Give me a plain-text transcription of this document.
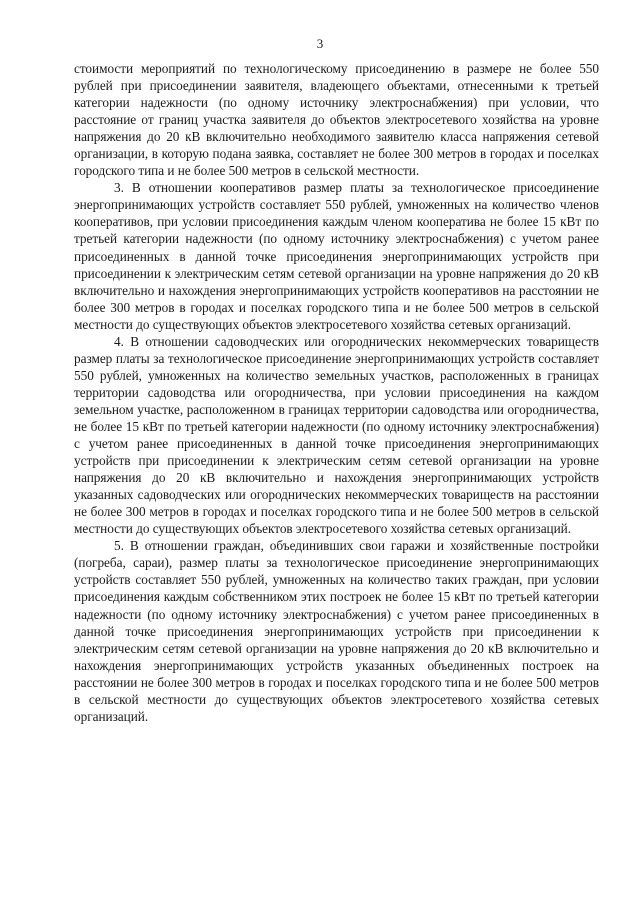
3

стоимости мероприятий по технологическому присоединению в размере не более 550 рублей при присоединении заявителя, владеющего объектами, отнесенными к третьей категории надежности (по одному источнику электроснабжения) при условии, что расстояние от границ участка заявителя до объектов электросетевого хозяйства на уровне напряжения до 20 кВ включительно необходимого заявителю класса напряжения сетевой организации, в которую подана заявка, составляет не более 300 метров в городах и поселках городского типа и не более 500 метров в сельской местности.

3. В отношении кооперативов размер платы за технологическое присоединение энергопринимающих устройств составляет 550 рублей, умноженных на количество членов кооперативов, при условии присоединения каждым членом кооператива не более 15 кВт по третьей категории надежности (по одному источнику электроснабжения) с учетом ранее присоединенных в данной точке присоединения энергопринимающих устройств при присоединении к электрическим сетям сетевой организации на уровне напряжения до 20 кВ включительно и нахождения энергопринимающих устройств кооперативов на расстоянии не более 300 метров в городах и поселках городского типа и не более 500 метров в сельской местности до существующих объектов электросетевого хозяйства сетевых организаций.

4. В отношении садоводческих или огороднических некоммерческих товариществ размер платы за технологическое присоединение энергопринимающих устройств составляет 550 рублей, умноженных на количество земельных участков, расположенных в границах территории садоводства или огородничества, при условии присоединения на каждом земельном участке, расположенном в границах территории садоводства или огородничества, не более 15 кВт по третьей категории надежности (по одному источнику электроснабжения) с учетом ранее присоединенных в данной точке присоединения энергопринимающих устройств при присоединении к электрическим сетям сетевой организации на уровне напряжения до 20 кВ включительно и нахождения энергопринимающих устройств указанных садоводческих или огороднических некоммерческих товариществ на расстоянии не более 300 метров в городах и поселках городского типа и не более 500 метров в сельской местности до существующих объектов электросетевого хозяйства сетевых организаций.

5. В отношении граждан, объединивших свои гаражи и хозяйственные постройки (погреба, сараи), размер платы за технологическое присоединение энергопринимающих устройств составляет 550 рублей, умноженных на количество таких граждан, при условии присоединения каждым собственником этих построек не более 15 кВт по третьей категории надежности (по одному источнику электроснабжения) с учетом ранее присоединенных в данной точке присоединения энергопринимающих устройств при присоединении к электрическим сетям сетевой организации на уровне напряжения до 20 кВ включительно и нахождения энергопринимающих устройств указанных объединенных построек на расстоянии не более 300 метров в городах и поселках городского типа и не более 500 метров в сельской местности до существующих объектов электросетевого хозяйства сетевых организаций.
